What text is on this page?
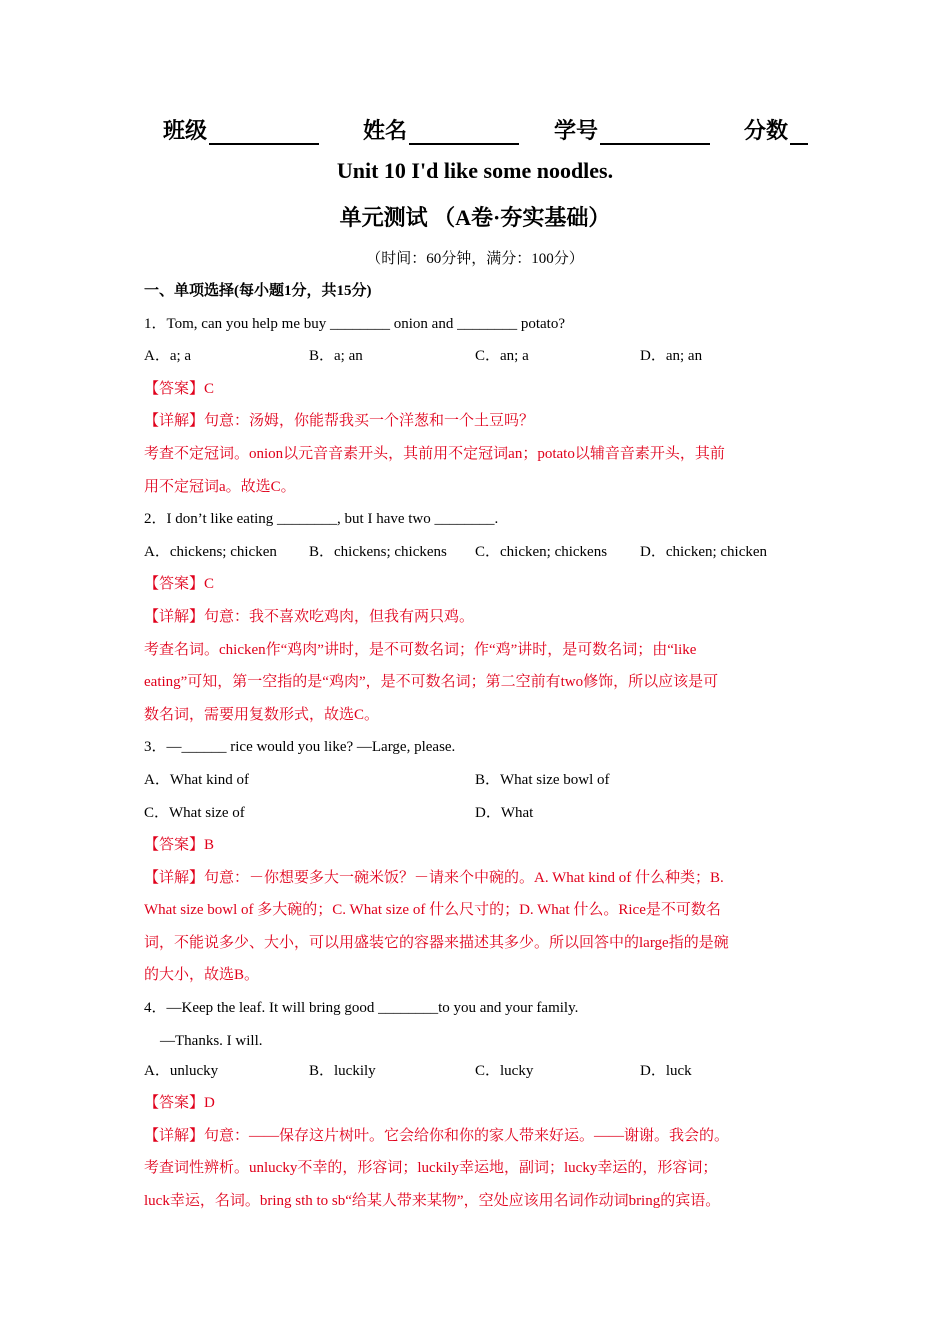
班级	姓名	学号	分数
Unit 10 I'd like some noodles.
单元测试 （A卷·夯实基础）
（时间：60分钟，满分：100分）
一、单项选择(每小题1分，共15分)
1．Tom, can you help me buy ________ onion and ________ potato?
A．a; a	B．a; an	C．an; a	D．an; an
【答案】C
【详解】句意：汤姆，你能帮我买一个洋葱和一个土豆吗？
考查不定冠词。onion以元音音素开头，其前用不定冠词an；potato以辅音音素开头，其前
用不定冠词a。故选C。
2．I don’t like eating ________, but I have two ________.
A．chickens; chicken B．chickens; chickens C．chicken; chickens D．chicken; chicken
【答案】C
【详解】句意：我不喜欢吃鸡肉，但我有两只鸡。
考查名词。chicken作“鸡肉”讲时，是不可数名词；作“鸡”讲时，是可数名词；由“like
eating”可知，第一空指的是“鸡肉”，是不可数名词；第二空前有two修饰，所以应该是可
数名词，需要用复数形式，故选C。
3．—______ rice would you like? —Large, please.
A．What kind of	B．What size bowl of
C．What size of	D．What
【答案】B
【详解】句意：－你想要多大一碗米饭？－请来个中碗的。A. What kind of 什么种类；B.
What size bowl of 多大碗的；C. What size of 什么尺寸的；D. What 什么。Rice是不可数名
词，不能说多少、大小，可以用盛装它的容器来描述其多少。所以回答中的large指的是碗
的大小，故选B。
4．—Keep the leaf. It will bring good ________to you and your family.
—Thanks. I will.
A．unlucky	B．luckily	C．lucky	D．luck
【答案】D
【详解】句意：——保存这片树叶。它会给你和你的家人带来好运。——谢谢。我会的。
考查词性辨析。unlucky不幸的，形容词；luckily幸运地，副词；lucky幸运的，形容词；
luck幸运，名词。bring sth to sb“给某人带来某物”，空处应该用名词作动词bring的宾语。
